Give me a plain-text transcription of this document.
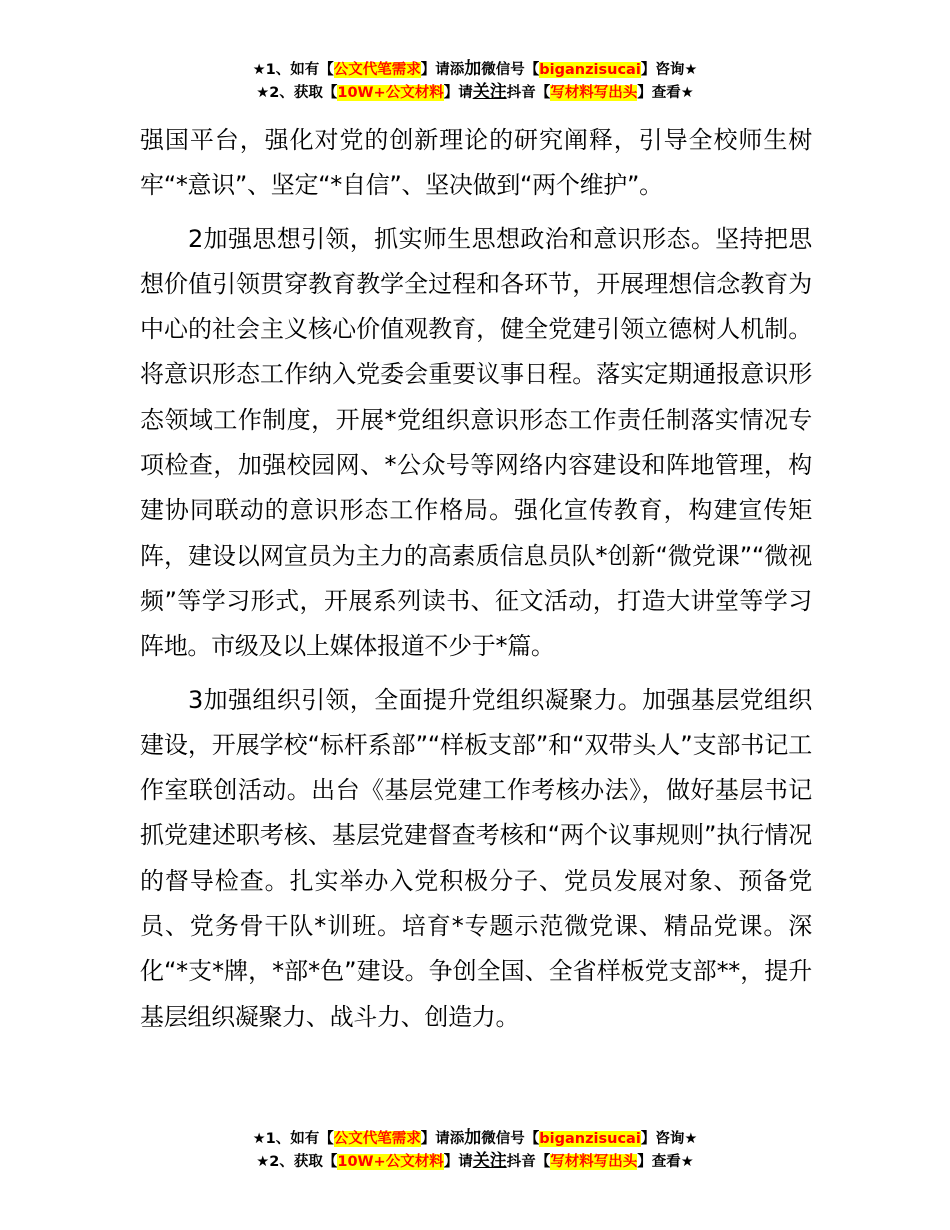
★1、如有【公文代笔需求】请添加微信号【biganzisucai】咨询★
★2、获取【10W+公文材料】请关注抖音【写材料写出头】查看★

强国平台，强化对党的创新理论的研究阐释，引导全校师生树牢“*意识”、坚定“*自信”、坚决做到“两个维护”。

2加强思想引领，抓实师生思想政治和意识形态。坚持把思想价值引领贯穿教育教学全过程和各环节，开展理想信念教育为中心的社会主义核心价值观教育，健全党建引领立德树人机制。将意识形态工作纳入党委会重要议事日程。落实定期通报意识形态领域工作制度，开展*党组织意识形态工作责任制落实情况专项检查，加强校园网、*公众号等网络内容建设和阵地管理，构建协同联动的意识形态工作格局。强化宣传教育，构建宣传矩阵，建设以网宣员为主力的高素质信息员队*创新“微党课”“微视频”等学习形式，开展系列读书、征文活动，打造大讲堂等学习阵地。市级及以上媒体报道不少于*篇。

3加强组织引领，全面提升党组织凝聚力。加强基层党组织建设，开展学校“标杆系部”“样板支部”和“双带头人”支部书记工作室联创活动。出台《基层党建工作考核办法》，做好基层书记抓党建述职考核、基层党建督查考核和“两个议事规则”执行情况的督导检查。扎实举办入党积极分子、党员发展对象、预备党员、党务骨干队*训班。培育*专题示范微党课、精品党课。深化“*支*牌，*部*色”建设。争创全国、全省样板党支部**，提升基层组织凝聚力、战斗力、创造力。

★1、如有【公文代笔需求】请添加微信号【biganzisucai】咨询★
★2、获取【10W+公文材料】请关注抖音【写材料写出头】查看★
